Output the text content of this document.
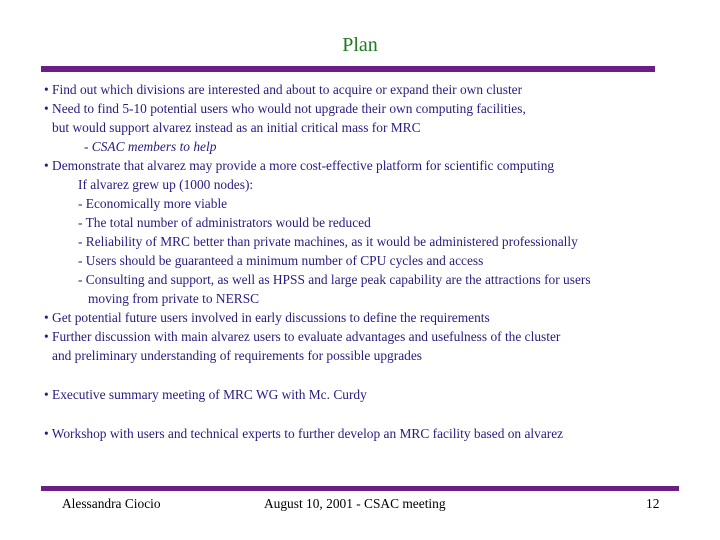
Plan
• Find out which divisions are interested and about to acquire or expand their own cluster
• Need to find 5-10 potential users who would not upgrade their own computing facilities,
but would support alvarez instead as an initial critical mass for MRC
- CSAC members to help
• Demonstrate that alvarez may provide a more cost-effective platform for scientific computing
If alvarez grew up (1000 nodes):
- Economically more viable
- The total number of administrators would be reduced
- Reliability of MRC better than private machines, as it would be administered professionally
- Users should be guaranteed a minimum number of CPU cycles and access
- Consulting and support, as well as HPSS and large peak capability are the attractions for users
moving from private to NERSC
• Get potential future users involved in early discussions to define the requirements
• Further discussion with main alvarez users to evaluate advantages and usefulness of the cluster
and preliminary understanding of requirements for possible upgrades
• Executive summary meeting of MRC WG with Mc. Curdy
• Workshop with users and technical experts to further develop an MRC facility based on alvarez
Alessandra Ciocio	August 10, 2001 - CSAC meeting	12
